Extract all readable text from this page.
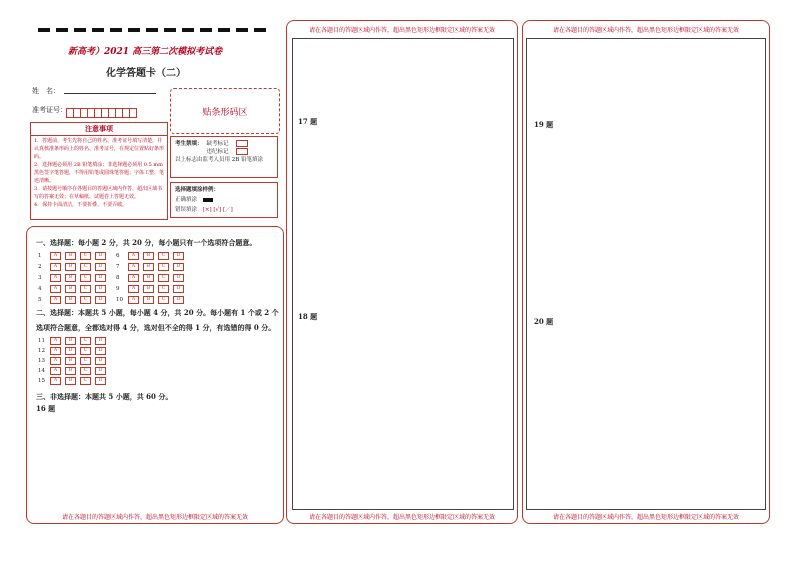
新高考）2021 高三第二次模拟考试卷
化学答题卡（二）
姓　名：
准考证号：	贴条形码区
注意事项
1．答题前，考生先将自己的姓名、准考证号填写清楚，并认真核准条形码上的姓名、准考证号，在规定位置贴好条形码。
2．选择题必须用 2B 铅笔填涂；非选择题必须用 0.5 mm 黑色签字笔答题，不得用铅笔或圆珠笔答题；字体工整、笔迹清晰。
3．请按题号顺序在各题目的答题区域内作答，超出区域书写的答案无效；在草稿纸、试题卷上答题无效。
4．保持卡面清洁，不要折叠、不要弄破。
考生禁填： 缺考标记
违纪标记
以上标志由监考人员用 2B 铅笔填涂
选择题填涂样例：
正确填涂
错误填涂 [×] [√] [／]
一、选择题：每小题 2 分，共 20 分，每小题只有一个选项符合题意。
1	A	B	C	D	6	A	B	C	D
2	A	B	C	D	7	A	B	C	D
3	A	B	C	D	8	A	B	C	D
4	A	B	C	D	9	A	B	C	D
5	A	B	C	D	10	A	B	C	D
二、选择题：本题共 5 小题，每小题 4 分，共 20 分。每小题有 1 个或 2 个
选项符合题意，全都选对得 4 分，选对但不全的得 1 分，有选错的得 0 分。
11	A	B	C	D
12	A	B	C	D
13	A	B	C	D
14	A	B	C	D
15	A	B	C	D
三、非选择题：本题共 5 小题，共 60 分。
16 题
请在各题目的答题区域内作答，超出黑色矩形边框限定区域的答案无效
请在各题目的答题区域内作答，超出黑色矩形边框限定区域的答案无效
17 题
18 题
请在各题目的答题区域内作答，超出黑色矩形边框限定区域的答案无效
请在各题目的答题区域内作答，超出黑色矩形边框限定区域的答案无效
19 题
20 题
请在各题目的答题区域内作答，超出黑色矩形边框限定区域的答案无效
